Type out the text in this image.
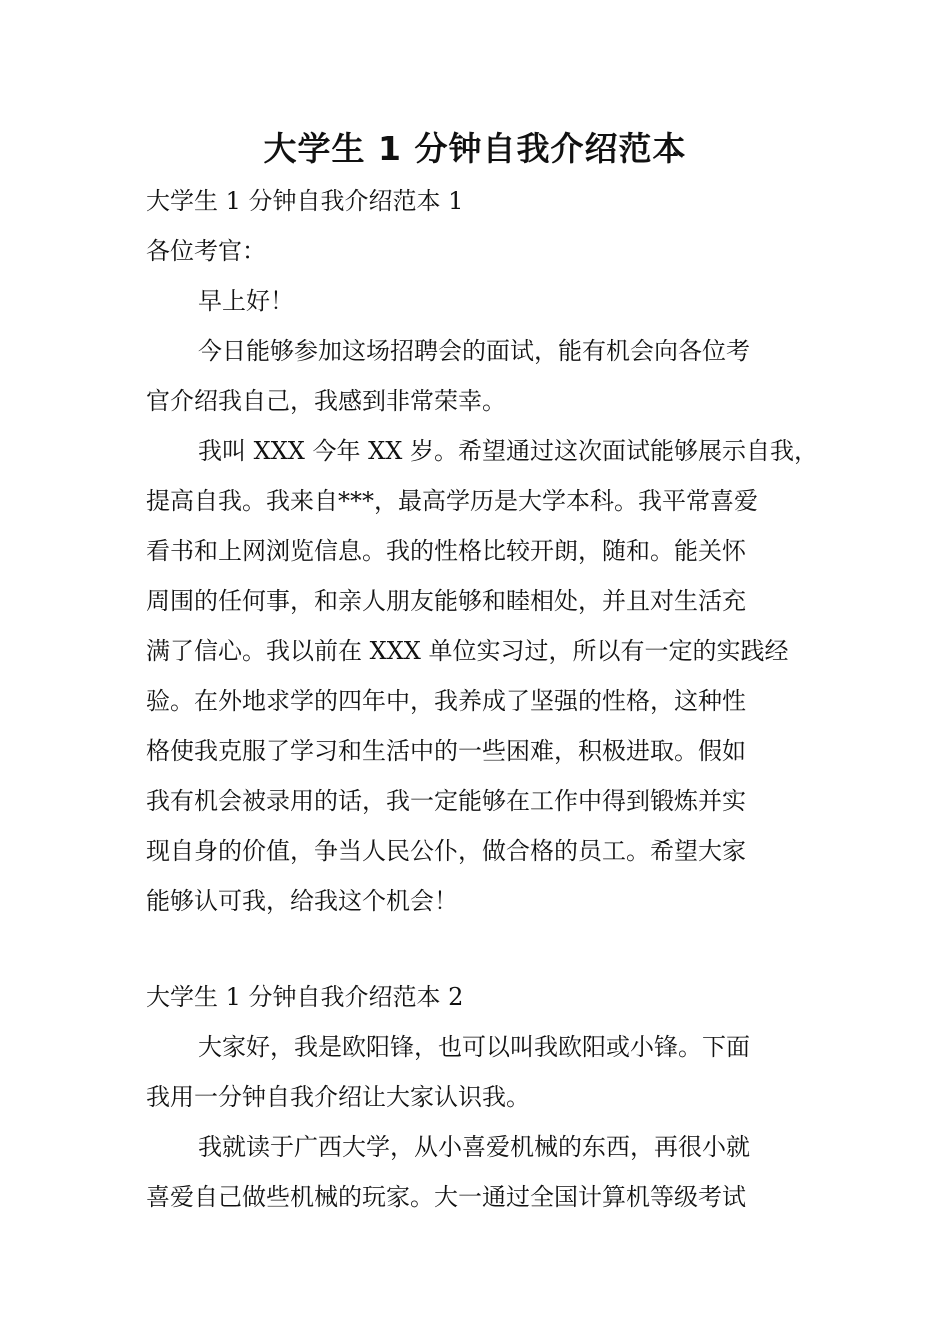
大学生 1 分钟自我介绍范本
大学生 1 分钟自我介绍范本 1
各位考官：
早上好！
今日能够参加这场招聘会的面试，能有机会向各位考
官介绍我自己，我感到非常荣幸。
我叫 XXX 今年 XX 岁。希望通过这次面试能够展示自我，
提高自我。我来自***，最高学历是大学本科。我平常喜爱
看书和上网浏览信息。我的性格比较开朗，随和。能关怀
周围的任何事，和亲人朋友能够和睦相处，并且对生活充
满了信心。我以前在 XXX 单位实习过，所以有一定的实践经
验。在外地求学的四年中，我养成了坚强的性格，这种性
格使我克服了学习和生活中的一些困难，积极进取。假如
我有机会被录用的话，我一定能够在工作中得到锻炼并实
现自身的价值，争当人民公仆，做合格的员工。希望大家
能够认可我，给我这个机会！
大学生 1 分钟自我介绍范本 2
大家好，我是欧阳锋，也可以叫我欧阳或小锋。下面
我用一分钟自我介绍让大家认识我。
我就读于广西大学，从小喜爱机械的东西，再很小就
喜爱自己做些机械的玩家。大一通过全国计算机等级考试
